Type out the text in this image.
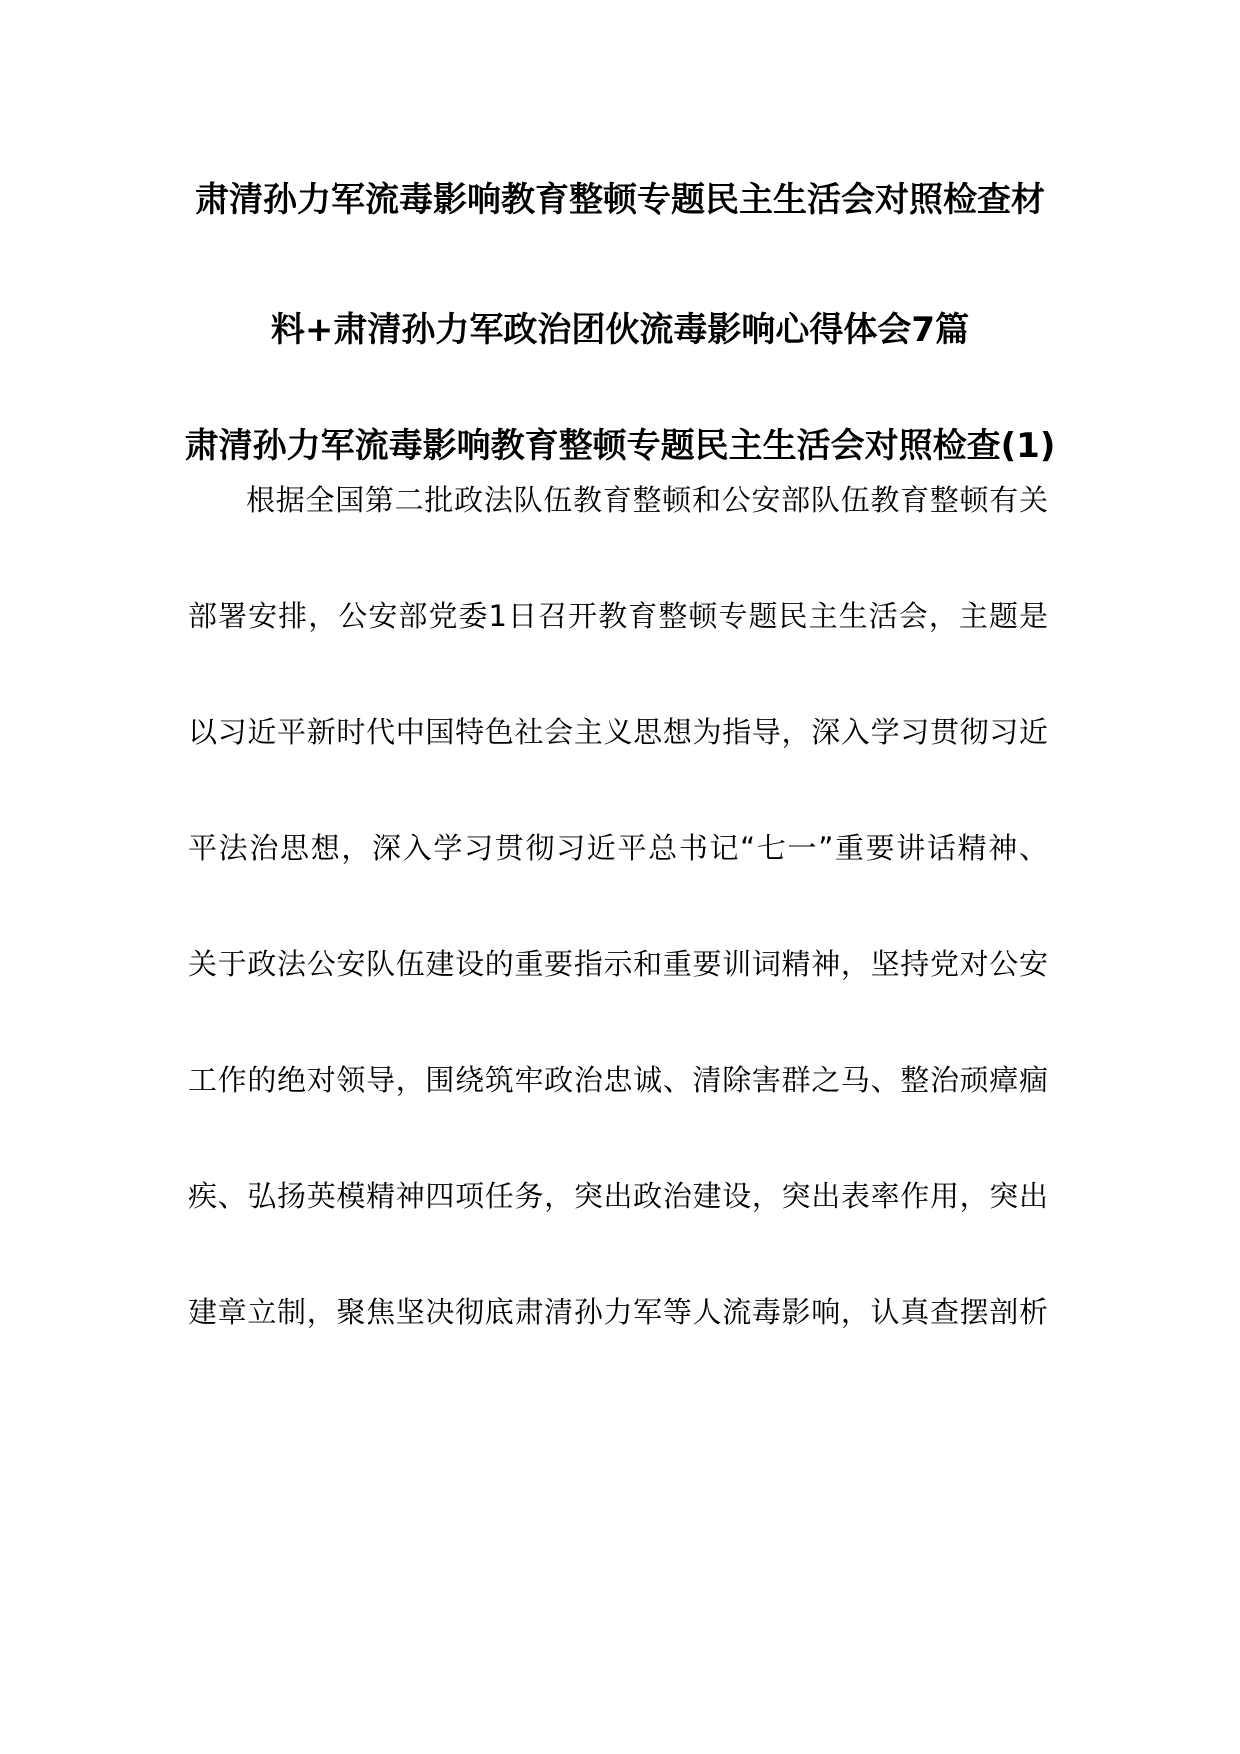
肃清孙力军流毒影响教育整顿专题民主生活会对照检查材
料+肃清孙力军政治团伙流毒影响心得体会7篇
肃清孙力军流毒影响教育整顿专题民主生活会对照检查(1)
根据全国第二批政法队伍教育整顿和公安部队伍教育整顿有关
部署安排，公安部党委1日召开教育整顿专题民主生活会，主题是
以习近平新时代中国特色社会主义思想为指导，深入学习贯彻习近
平法治思想，深入学习贯彻习近平总书记“七一”重要讲话精神、
关于政法公安队伍建设的重要指示和重要训词精神，坚持党对公安
工作的绝对领导，围绕筑牢政治忠诚、清除害群之马、整治顽瘴痼
疾、弘扬英模精神四项任务，突出政治建设，突出表率作用，突出
建章立制，聚焦坚决彻底肃清孙力军等人流毒影响，认真查摆剖析
